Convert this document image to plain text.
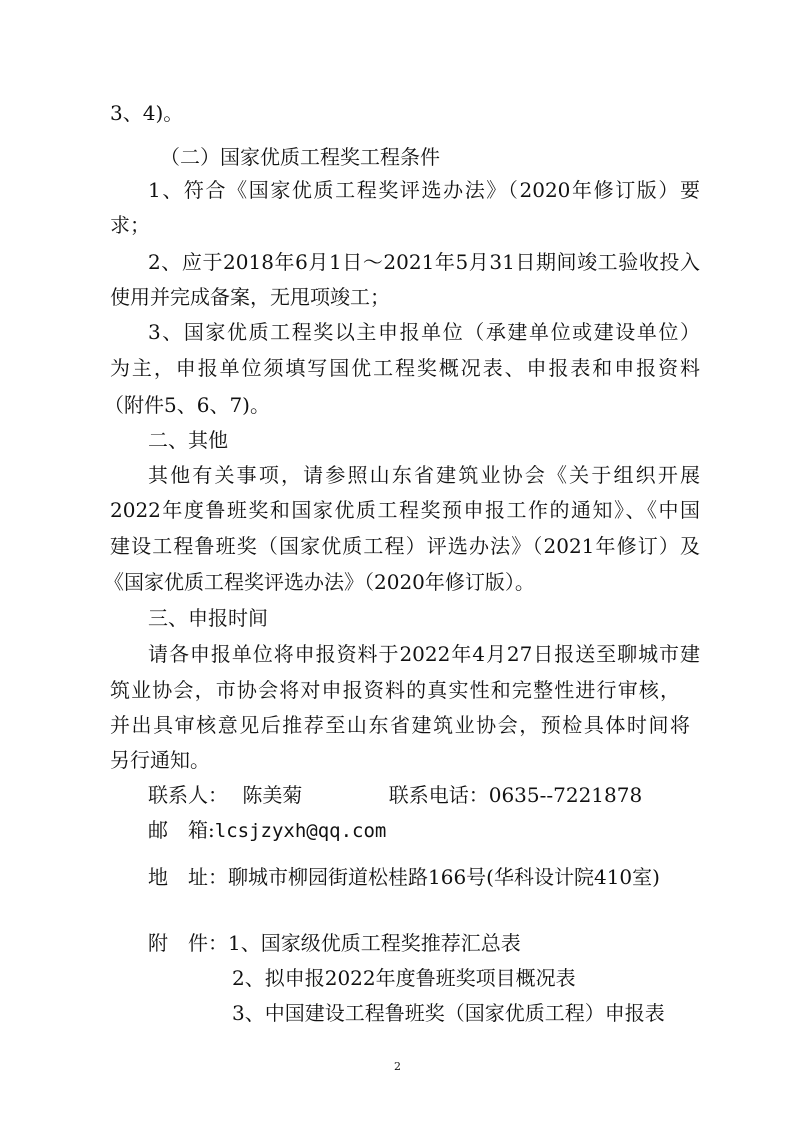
3、4)。
（二）国家优质工程奖工程条件
1、符合《国家优质工程奖评选办法》（2020年修订版）要
求；
2、应于2018年6月1日～2021年5月31日期间竣工验收投入
使用并完成备案，无甩项竣工；
3、国家优质工程奖以主申报单位（承建单位或建设单位）
为主，申报单位须填写国优工程奖概况表、申报表和申报资料
（附件5、6、7)。
二、其他
其他有关事项，请参照山东省建筑业协会《关于组织开展
2022年度鲁班奖和国家优质工程奖预申报工作的通知》、《中国
建设工程鲁班奖（国家优质工程）评选办法》（2021年修订）及
《国家优质工程奖评选办法》（2020年修订版）。
三、申报时间
请各申报单位将申报资料于2022年4月27日报送至聊城市建
筑业协会，市协会将对申报资料的真实性和完整性进行审核，
并出具审核意见后推荐至山东省建筑业协会，预检具体时间将
另行通知。
联系人： 陈美菊	联系电话：0635--7221878
邮　箱:lcsjzyxh@qq.com
地　址：聊城市柳园街道松桂路166号(华科设计院410室)
附　件：1、国家级优质工程奖推荐汇总表
2、拟申报2022年度鲁班奖项目概况表
3、中国建设工程鲁班奖（国家优质工程）申报表
2
